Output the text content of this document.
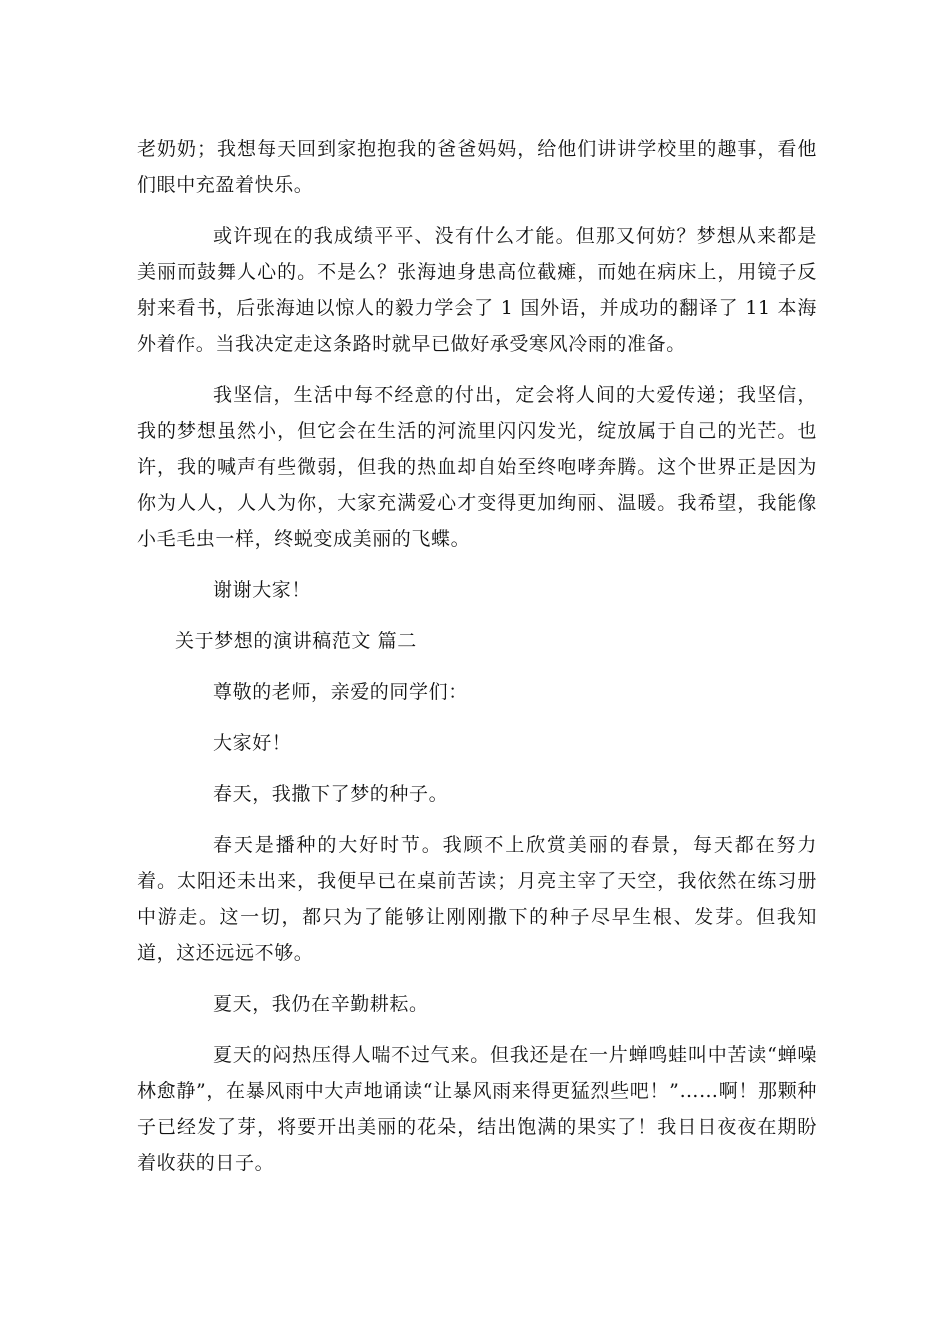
老奶奶；我想每天回到家抱抱我的爸爸妈妈，给他们讲讲学校里的趣事，看他们眼中充盈着快乐。

或许现在的我成绩平平、没有什么才能。但那又何妨？梦想从来都是美丽而鼓舞人心的。不是么？张海迪身患高位截瘫，而她在病床上，用镜子反射来看书，后张海迪以惊人的毅力学会了 1 国外语，并成功的翻译了 11 本海外着作。当我决定走这条路时就早已做好承受寒风冷雨的准备。

我坚信，生活中每不经意的付出，定会将人间的大爱传递；我坚信，我的梦想虽然小，但它会在生活的河流里闪闪发光，绽放属于自己的光芒。也许，我的喊声有些微弱，但我的热血却自始至终咆哮奔腾。这个世界正是因为你为人人，人人为你，大家充满爱心才变得更加绚丽、温暖。我希望，我能像小毛毛虫一样，终蜕变成美丽的飞蝶。

谢谢大家！

关于梦想的演讲稿范文 篇二

尊敬的老师，亲爱的同学们：

大家好！

春天，我撒下了梦的种子。

春天是播种的大好时节。我顾不上欣赏美丽的春景，每天都在努力着。太阳还未出来，我便早已在桌前苦读；月亮主宰了天空，我依然在练习册中游走。这一切，都只为了能够让刚刚撒下的种子尽早生根、发芽。但我知道，这还远远不够。

夏天，我仍在辛勤耕耘。

夏天的闷热压得人喘不过气来。但我还是在一片蝉鸣蛙叫中苦读“蝉噪林愈静”，在暴风雨中大声地诵读“让暴风雨来得更猛烈些吧！”……啊！那颗种子已经发了芽，将要开出美丽的花朵，结出饱满的果实了！我日日夜夜在期盼着收获的日子。
